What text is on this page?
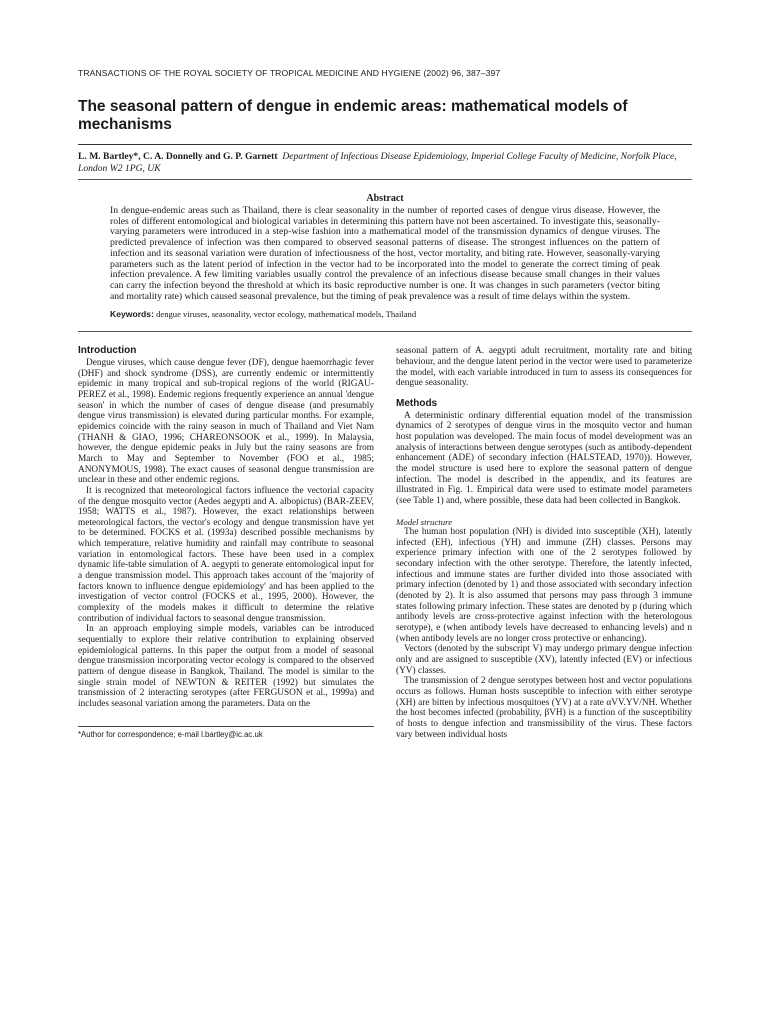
TRANSACTIONS OF THE ROYAL SOCIETY OF TROPICAL MEDICINE AND HYGIENE (2002) 96, 387–397
The seasonal pattern of dengue in endemic areas: mathematical models of mechanisms
L. M. Bartley*, C. A. Donnelly and G. P. Garnett Department of Infectious Disease Epidemiology, Imperial College Faculty of Medicine, Norfolk Place, London W2 1PG, UK
Abstract
In dengue-endemic areas such as Thailand, there is clear seasonality in the number of reported cases of dengue virus disease. However, the roles of different entomological and biological variables in determining this pattern have not been ascertained. To investigate this, seasonally-varying parameters were introduced in a step-wise fashion into a mathematical model of the transmission dynamics of dengue viruses. The predicted prevalence of infection was then compared to observed seasonal patterns of disease. The strongest influences on the pattern of infection and its seasonal variation were duration of infectiousness of the host, vector mortality, and biting rate. However, seasonally-varying parameters such as the latent period of infection in the vector had to be incorporated into the model to generate the correct timing of peak infection prevalence. A few limiting variables usually control the prevalence of an infectious disease because small changes in their values can carry the infection beyond the threshold at which its basic reproductive number is one. It was changes in such parameters (vector biting and mortality rate) which caused seasonal prevalence, but the timing of peak prevalence was a result of time delays within the system.
Keywords: dengue viruses, seasonality, vector ecology, mathematical models, Thailand
Introduction

Dengue viruses, which cause dengue fever (DF), dengue haemorrhagic fever (DHF) and shock syndrome (DSS), are currently endemic or intermittently epidemic in many tropical and sub-tropical regions of the world (RIGAU-PEREZ et al., 1998). Endemic regions frequently experience an annual 'dengue season' in which the number of cases of dengue disease (and presumably dengue virus transmission) is elevated during particular months. For example, epidemics coincide with the rainy season in much of Thailand and Viet Nam (THANH & GIAO, 1996; CHAREONSOOK et al., 1999). In Malaysia, however, the dengue epidemic peaks in July but the rainy seasons are from March to May and September to November (FOO et al., 1985; ANONYMOUS, 1998). The exact causes of seasonal dengue transmission are unclear in these and other endemic regions.

It is recognized that meteorological factors influence the vectorial capacity of the dengue mosquito vector (Aedes aegypti and A. albopictus) (BAR-ZEEV, 1958; WATTS et al., 1987). However, the exact relationships between meteorological factors, the vector's ecology and dengue transmission have yet to be determined. FOCKS et al. (1993a) described possible mechanisms by which temperature, relative humidity and rainfall may contribute to seasonal variation in entomological factors. These have been used in a complex dynamic life-table simulation of A. aegypti to generate entomological input for a dengue transmission model. This approach takes account of the 'majority of factors known to influence dengue epidemiology' and has been applied to the investigation of vector control (FOCKS et al., 1995, 2000). However, the complexity of the models makes it difficult to determine the relative contribution of individual factors to seasonal dengue transmission.

In an approach employing simple models, variables can be introduced sequentially to explore their relative contribution to explaining observed epidemiological patterns. In this paper the output from a model of seasonal dengue transmission incorporating vector ecology is compared to the observed pattern of dengue disease in Bangkok, Thailand. The model is similar to the single strain model of NEWTON & REITER (1992) but simulates the transmission of 2 interacting serotypes (after FERGUSON et al., 1999a) and includes seasonal variation among the parameters. Data on the

*Author for correspondence; e-mail l.bartley@ic.ac.uk

seasonal pattern of A. aegypti adult recruitment, mortality rate and biting behaviour, and the dengue latent period in the vector were used to parameterize the model, with each variable introduced in turn to assess its consequences for dengue seasonality.

Methods

A deterministic ordinary differential equation model of the transmission dynamics of 2 serotypes of dengue virus in the mosquito vector and human host population was developed. The main focus of model development was an analysis of interactions between dengue serotypes (such as antibody-dependent enhancement (ADE) of secondary infection (HALSTEAD, 1970)). However, the model structure is used here to explore the seasonal pattern of dengue infection. The model is described in the appendix, and its features are illustrated in Fig. 1. Empirical data were used to estimate model parameters (see Table 1) and, where possible, these data had been collected in Bangkok.

Model structure

The human host population (NH) is divided into susceptible (XH), latently infected (EH), infectious (YH) and immune (ZH) classes. Persons may experience primary infection with one of the 2 serotypes followed by secondary infection with the other serotype. Therefore, the latently infected, infectious and immune states are further divided into those associated with primary infection (denoted by 1) and those associated with secondary infection (denoted by 2). It is also assumed that persons may pass through 3 immune states following primary infection. These states are denoted by p (during which antibody levels are cross-protective against infection with the heterologous serotype), e (when antibody levels have decreased to enhancing levels) and n (when antibody levels are no longer cross protective or enhancing).

Vectors (denoted by the subscript V) may undergo primary dengue infection only and are assigned to susceptible (XV), latently infected (EV) or infectious (YV) classes.

The transmission of 2 dengue serotypes between host and vector populations occurs as follows. Human hosts susceptible to infection with either serotype (XH) are bitten by infectious mosquitoes (YV) at a rate αVV.YV/NH. Whether the host becomes infected (probability, βVH) is a function of the susceptibility of hosts to dengue infection and transmissibility of the virus. These factors vary between individual hosts
